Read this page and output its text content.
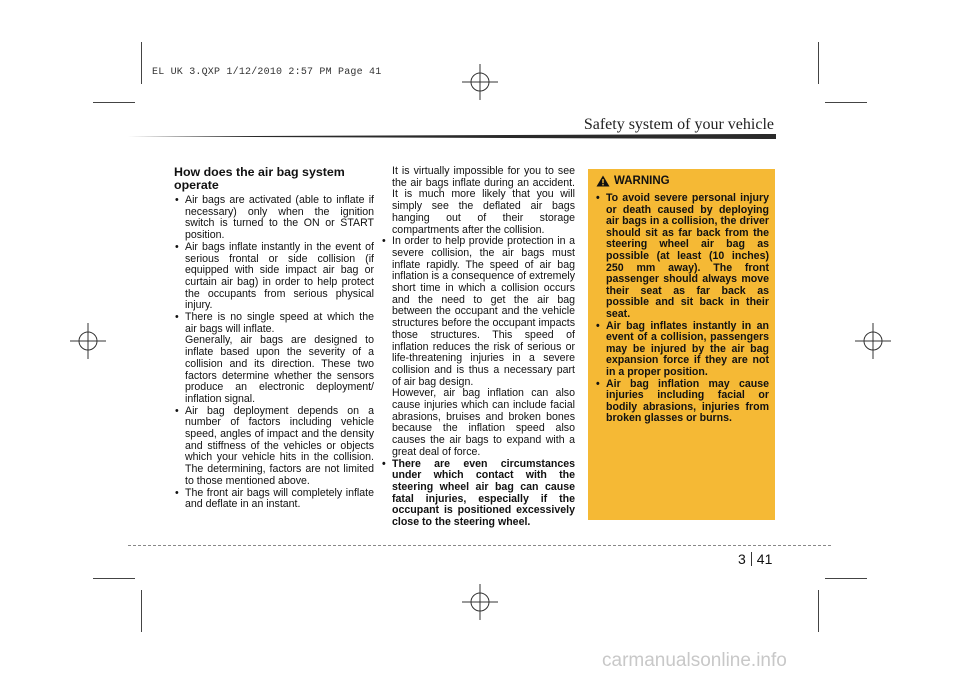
EL UK 3.QXP 1/12/2010 2:57 PM Page 41
Safety system of your vehicle
How does the air bag system operate
• Air bags are activated (able to inflate if necessary) only when the ignition switch is turned to the ON or START position.
• Air bags inflate instantly in the event of serious frontal or side collision (if equipped with side impact air bag or curtain air bag) in order to help protect the occupants from serious physical injury.
• There is no single speed at which the air bags will inflate.

Generally, air bags are designed to inflate based upon the severity of a collision and its direction. These two factors determine whether the sensors produce an electronic deployment/ inflation signal.

• Air bag deployment depends on a number of factors including vehicle speed, angles of impact and the density and stiffness of the vehicles or objects which your vehicle hits in the collision. The determining, factors are not limited to those mentioned above.
• The front air bags will completely inflate and deflate in an instant.

It is virtually impossible for you to see the air bags inflate during an accident. It is much more likely that you will simply see the deflated air bags hanging out of their storage compartments after the collision.

• In order to help provide protection in a severe collision, the air bags must inflate rapidly. The speed of air bag inflation is a consequence of extremely short time in which a collision occurs and the need to get the air bag between the occupant and the vehicle structures before the occupant impacts those structures. This speed of inflation reduces the risk of serious or life-threatening injuries in a severe collision and is thus a necessary part of air bag design.

However, air bag inflation can also cause injuries which can include facial abrasions, bruises and broken bones because the inflation speed also causes the air bags to expand with a great deal of force.

• There are even circumstances under which contact with the steering wheel air bag can cause fatal injuries, especially if the occupant is positioned excessively close to the steering wheel.
WARNING
• To avoid severe personal injury or death caused by deploying air bags in a collision, the driver should sit as far back from the steering wheel air bag as possible (at least (10 inches) 250 mm away). The front passenger should always move their seat as far back as possible and sit back in their seat.
• Air bag inflates instantly in an event of a collision, passengers may be injured by the air bag expansion force if they are not in a proper position.
• Air bag inflation may cause injuries including facial or bodily abrasions, injuries from broken glasses or burns.
3 41
carmanualsonline.info
